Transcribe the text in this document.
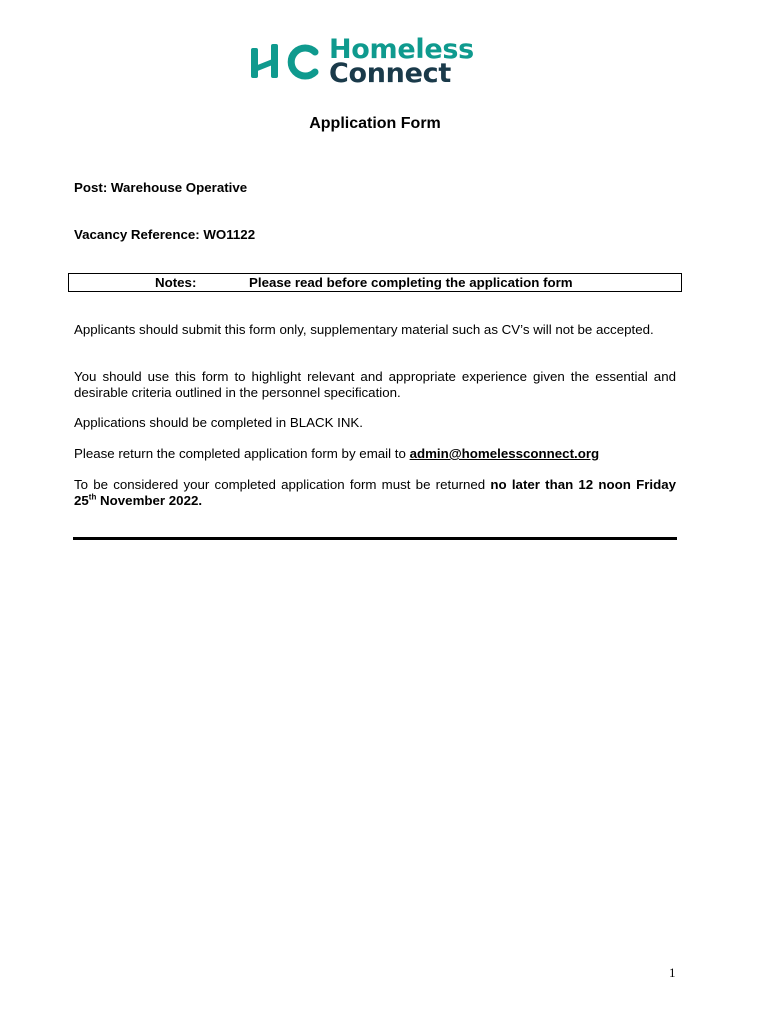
Homeless
Connect
Application Form
Post: Warehouse Operative
Vacancy Reference: WO1122
Notes:	Please read before completing the application form

Applicants should submit this form only, supplementary material such as CV’s will not be accepted.

You should use this form to highlight relevant and appropriate experience given the essential and desirable criteria outlined in the personnel specification.

Applications should be completed in BLACK INK.

Please return the completed application form by email to admin@homelessconnect.org

To be considered your completed application form must be returned no later than 12 noon Friday 25th November 2022.

1
